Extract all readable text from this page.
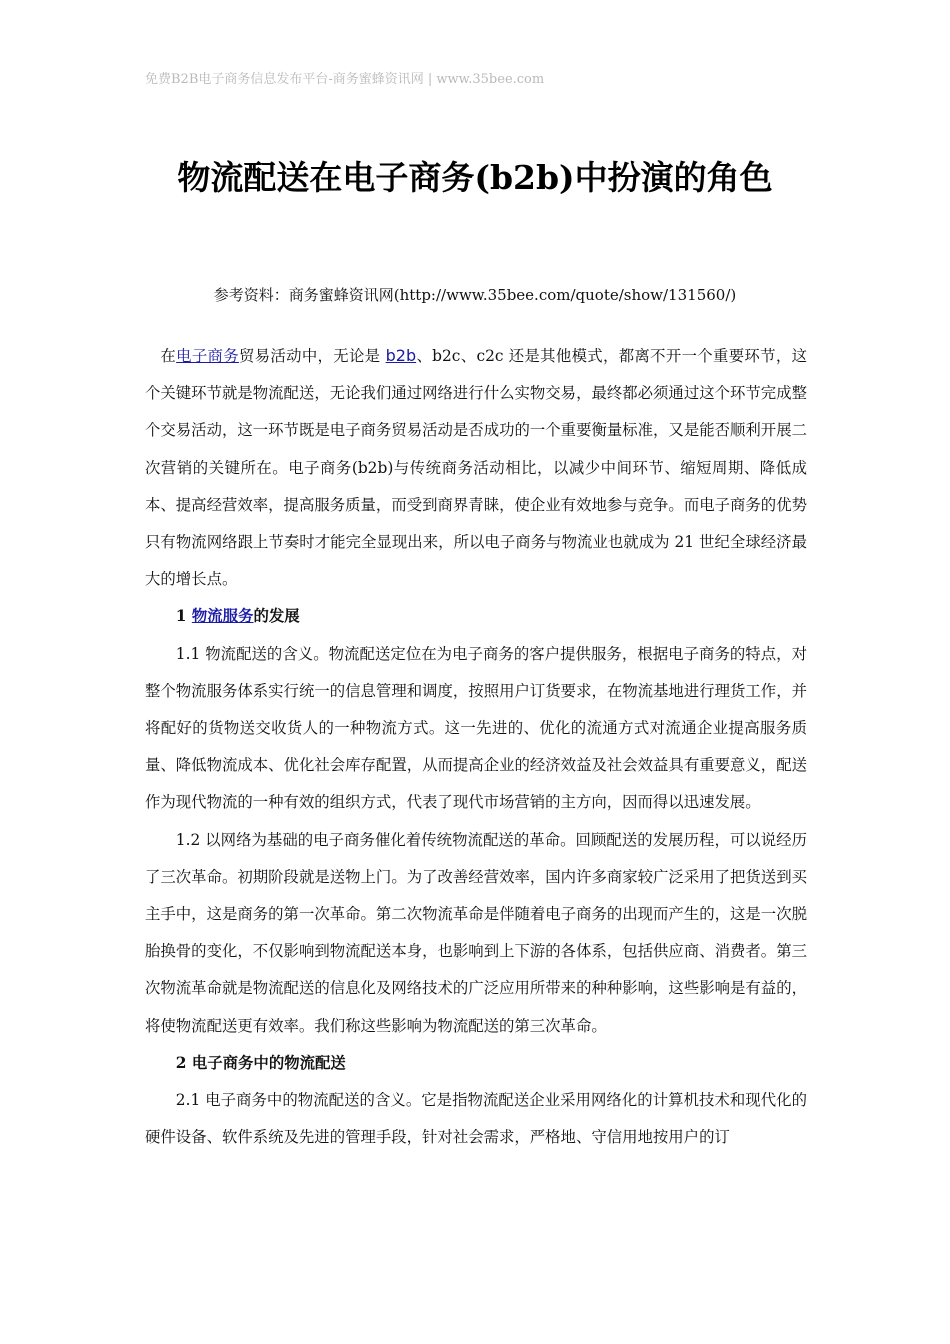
免费B2B电子商务信息发布平台-商务蜜蜂资讯网 | www.35bee.com
物流配送在电子商务(b2b)中扮演的角色
参考资料：商务蜜蜂资讯网(http://www.35bee.com/quote/show/131560/)

在电子商务贸易活动中，无论是 b2b、b2c、c2c 还是其他模式，都离不开一个重要环节，这个关键环节就是物流配送，无论我们通过网络进行什么实物交易，最终都必须通过这个环节完成整个交易活动，这一环节既是电子商务贸易活动是否成功的一个重要衡量标准，又是能否顺利开展二次营销的关键所在。电子商务(b2b)与传统商务活动相比，以减少中间环节、缩短周期、降低成本、提高经营效率，提高服务质量，而受到商界青睐，使企业有效地参与竞争。而电子商务的优势只有物流网络跟上节奏时才能完全显现出来，所以电子商务与物流业也就成为 21 世纪全球经济最大的增长点。

1 物流服务的发展

1.1 物流配送的含义。物流配送定位在为电子商务的客户提供服务，根据电子商务的特点，对整个物流服务体系实行统一的信息管理和调度，按照用户订货要求，在物流基地进行理货工作，并将配好的货物送交收货人的一种物流方式。这一先进的、优化的流通方式对流通企业提高服务质量、降低物流成本、优化社会库存配置，从而提高企业的经济效益及社会效益具有重要意义，配送作为现代物流的一种有效的组织方式，代表了现代市场营销的主方向，因而得以迅速发展。

1.2 以网络为基础的电子商务催化着传统物流配送的革命。回顾配送的发展历程，可以说经历了三次革命。初期阶段就是送物上门。为了改善经营效率，国内许多商家较广泛采用了把货送到买主手中，这是商务的第一次革命。第二次物流革命是伴随着电子商务的出现而产生的，这是一次脱胎换骨的变化，不仅影响到物流配送本身，也影响到上下游的各体系，包括供应商、消费者。第三次物流革命就是物流配送的信息化及网络技术的广泛应用所带来的种种影响，这些影响是有益的，将使物流配送更有效率。我们称这些影响为物流配送的第三次革命。

2 电子商务中的物流配送

2.1 电子商务中的物流配送的含义。它是指物流配送企业采用网络化的计算机技术和现代化的硬件设备、软件系统及先进的管理手段，针对社会需求，严格地、守信用地按用户的订
